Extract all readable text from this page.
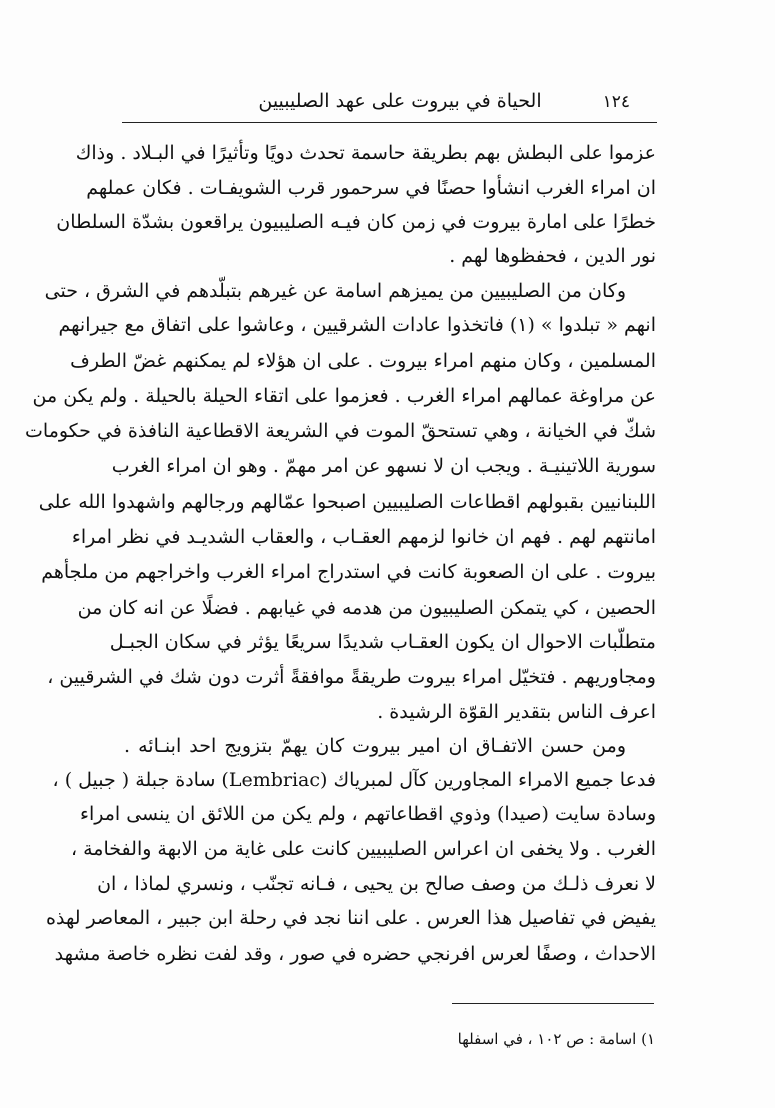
١٢٤
الحياة في بيروت على عهد الصليبيين
عزموا على البطش بهم بطريقة حاسمة تحدث دويًا وتأثيرًا في البـلاد . وذاك
ان امراء الغرب انشأوا حصنًا في سرحمور قرب الشويفـات . فكان عملهم
خطرًا على امارة بيروت في زمن كان فيـه الصليبيون يراقعون بشدّة السلطان
نور الدين ، فحفظوها لهم .
وكان من الصليبيين من يميزهم اسامة عن غيرهم بتبلّدهم في الشرق ، حتى
انهم « تبلدوا » (١) فاتخذوا عادات الشرقيين ، وعاشوا على اتفاق مع جيرانهم
المسلمين ، وكان منهم امراء بيروت . على ان هؤلاء لم يمكنهم غضّ الطرف
عن مراوغة عمالهم امراء الغرب . فعزموا على اتقاء الحيلة بالحيلة . ولم يكن من
شكّ في الخيانة ، وهي تستحقّ الموت في الشريعة الاقطاعية النافذة في حكومات
سورية اللاتينيـة . ويجب ان لا نسهو عن امر مهمّ . وهو ان امراء الغرب
اللبنانيين بقبولهم اقطاعات الصليبيين اصبحوا عمّالهم ورجالهم واشهدوا الله على
امانتهم لهم . فهم ان خانوا لزمهم العقـاب ، والعقاب الشديـد في نظر امراء
بيروت . على ان الصعوبة كانت في استدراج امراء الغرب واخراجهم من ملجأهم
الحصين ، كي يتمكن الصليبيون من هدمه في غيابهم . فضلًا عن انه كان من
متطلّبات الاحوال ان يكون العقـاب شديدًا سريعًا يؤثر في سكان الجبـل
ومجاوريهم . فتخيّل امراء بيروت طريقةً موافقةً أثرت دون شك في الشرقيين ،
اعرف الناس بتقدير القوّة الرشيدة .
ومن حسن الاتفـاق ان امير بيروت كان يهمّ بتزويج احد ابنـائه .
فدعا جميع الامراء المجاورين كآل لمبرياك (Lembriac) سادة جبلة ( جبيل ) ،
وسادة سايت (صيدا) وذوي اقطاعاتهم ، ولم يكن من اللائق ان ينسى امراء
الغرب . ولا يخفى ان اعراس الصليبيين كانت على غاية من الابهة والفخامة ،
لا نعرف ذلـك من وصف صالح بن يحيى ، فـانه تجنّب ، ونسري لماذا ، ان
يفيض في تفاصيل هذا العرس . على اننا نجد في رحلة ابن جبير ، المعاصر لهذه
الاحداث ، وصفًا لعرس افرنجي حضره في صور ، وقد لفت نظره خاصة مشهد
١) اسامة : ص ١٠٢ ، في اسفلها
